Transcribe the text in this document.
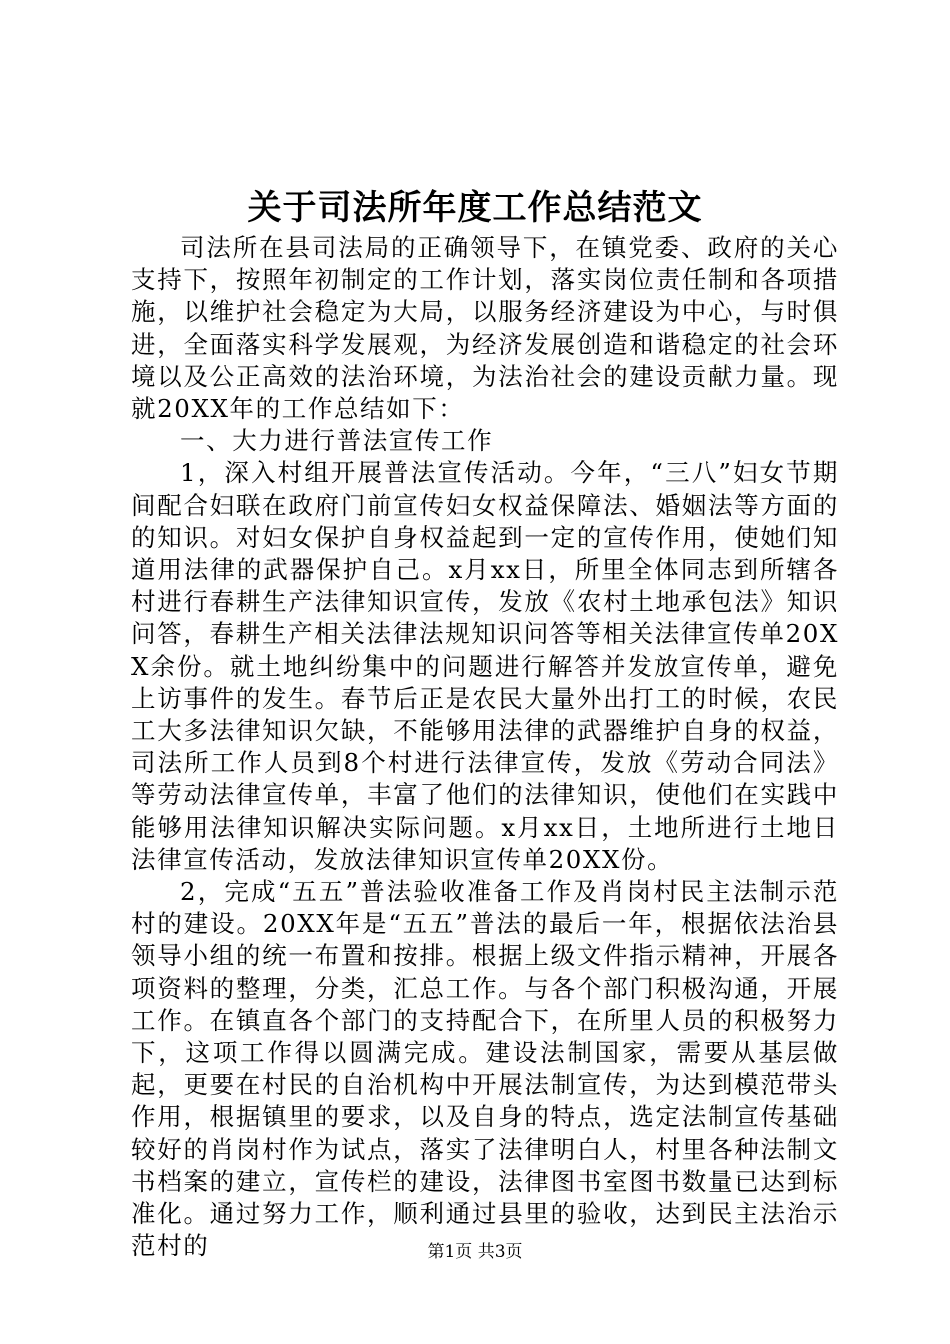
关于司法所年度工作总结范文

司法所在县司法局的正确领导下，在镇党委、政府的关心支持下，按照年初制定的工作计划，落实岗位责任制和各项措施，以维护社会稳定为大局，以服务经济建设为中心，与时俱进，全面落实科学发展观，为经济发展创造和谐稳定的社会环境以及公正高效的法治环境，为法治社会的建设贡献力量。现就20XX年的工作总结如下：

一、大力进行普法宣传工作

1，深入村组开展普法宣传活动。今年，“三八”妇女节期间配合妇联在政府门前宣传妇女权益保障法、婚姻法等方面的的知识。对妇女保护自身权益起到一定的宣传作用，使她们知道用法律的武器保护自己。x月xx日，所里全体同志到所辖各村进行春耕生产法律知识宣传，发放《农村土地承包法》知识问答，春耕生产相关法律法规知识问答等相关法律宣传单20XX余份。就土地纠纷集中的问题进行解答并发放宣传单，避免上访事件的发生。春节后正是农民大量外出打工的时候，农民工大多法律知识欠缺，不能够用法律的武器维护自身的权益，司法所工作人员到8个村进行法律宣传，发放《劳动合同法》等劳动法律宣传单，丰富了他们的法律知识，使他们在实践中能够用法律知识解决实际问题。x月xx日，土地所进行土地日法律宣传活动，发放法律知识宣传单20XX份。

2，完成“五五”普法验收准备工作及肖岗村民主法制示范村的建设。20XX年是“五五”普法的最后一年，根据依法治县领导小组的统一布置和按排。根据上级文件指示精神，开展各项资料的整理，分类，汇总工作。与各个部门积极沟通，开展工作。在镇直各个部门的支持配合下，在所里人员的积极努力下，这项工作得以圆满完成。建设法制国家，需要从基层做起，更要在村民的自治机构中开展法制宣传，为达到模范带头作用，根据镇里的要求，以及自身的特点，选定法制宣传基础较好的肖岗村作为试点，落实了法律明白人，村里各种法制文书档案的建立，宣传栏的建设，法律图书室图书数量已达到标准化。通过努力工作，顺利通过县里的验收，达到民主法治示范村的	第1页 共3页
